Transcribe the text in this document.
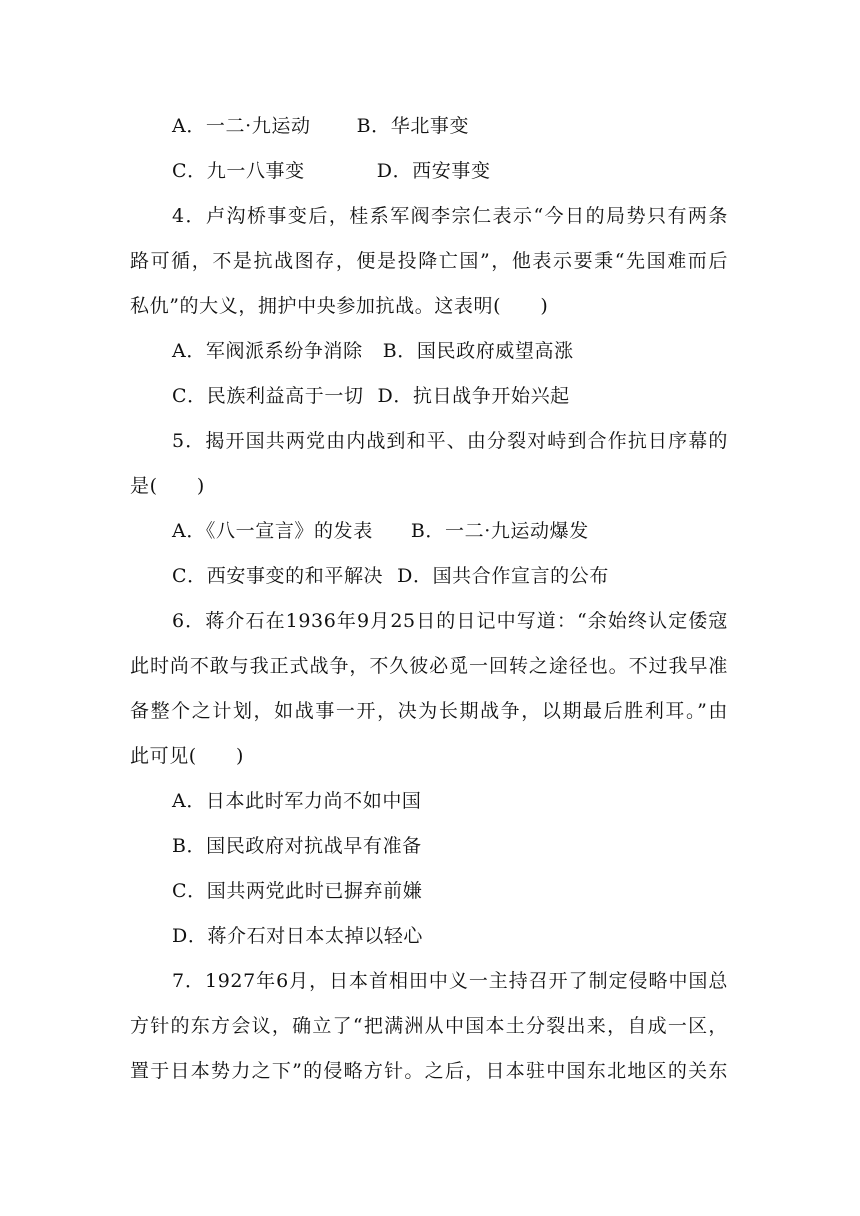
A．一二·九运动 B．华北事变
C．九一八事变	D．西安事变
4．卢沟桥事变后，桂系军阀李宗仁表示“今日的局势只有两条
路可循，不是抗战图存，便是投降亡国”，他表示要秉“先国难而后
私仇”的大义，拥护中央参加抗战。这表明(　　)
A．军阀派系纷争消除 B．国民政府威望高涨
C．民族利益高于一切 D．抗日战争开始兴起
5．揭开国共两党由内战到和平、由分裂对峙到合作抗日序幕的
是(　　)
A．《八一宣言》的发表 B．一二·九运动爆发
C．西安事变的和平解决 D．国共合作宣言的公布
6．蒋介石在1936年9月25日的日记中写道：“余始终认定倭寇
此时尚不敢与我正式战争，不久彼必觅一回转之途径也。不过我早准
备整个之计划，如战事一开，决为长期战争，以期最后胜利耳。”由
此可见(　　)
A．日本此时军力尚不如中国
B．国民政府对抗战早有准备
C．国共两党此时已摒弃前嫌
D．蒋介石对日本太掉以轻心
7．1927年6月，日本首相田中义一主持召开了制定侵略中国总
方针的东方会议，确立了“把满洲从中国本土分裂出来，自成一区，
置于日本势力之下”的侵略方针。之后，日本驻中国东北地区的关东
